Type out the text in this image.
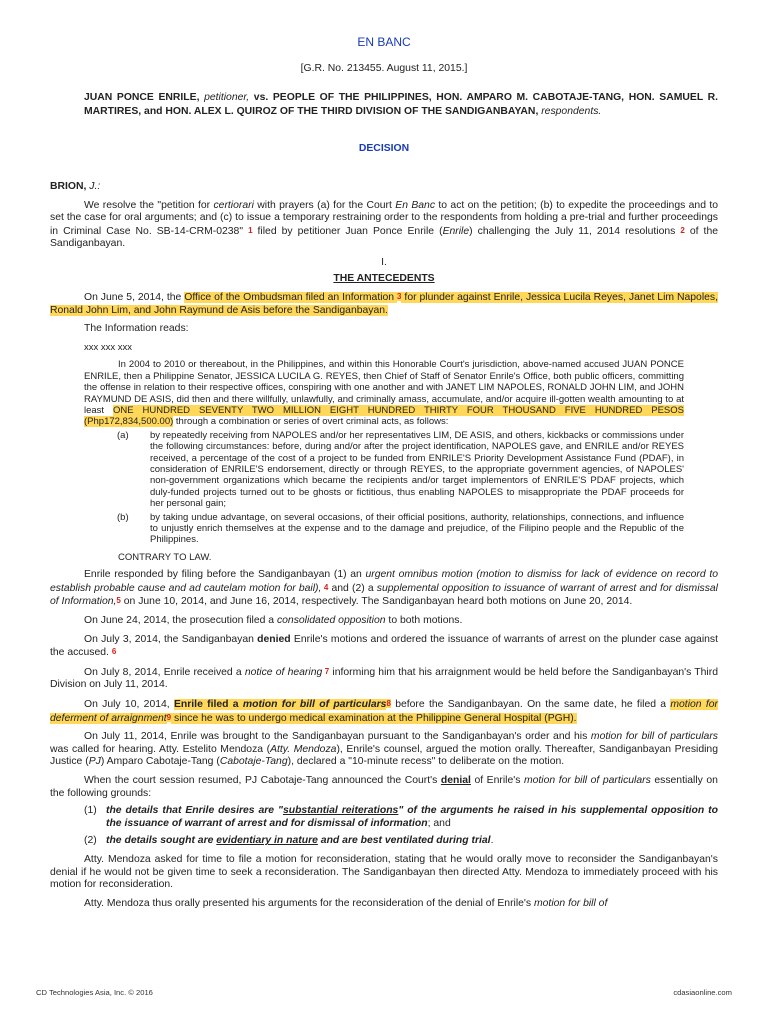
EN BANC
[G.R. No. 213455. August 11, 2015.]
JUAN PONCE ENRILE, petitioner, vs. PEOPLE OF THE PHILIPPINES, HON. AMPARO M. CABOTAJE-TANG, HON. SAMUEL R. MARTIRES, and HON. ALEX L. QUIROZ OF THE THIRD DIVISION OF THE SANDIGANBAYAN, respondents.
DECISION
BRION, J.:

We resolve the "petition for certiorari with prayers (a) for the Court En Banc to act on the petition; (b) to expedite the proceedings and to set the case for oral arguments; and (c) to issue a temporary restraining order to the respondents from holding a pre-trial and further proceedings in Criminal Case No. SB-14-CRM-0238" 1 filed by petitioner Juan Ponce Enrile (Enrile) challenging the July 11, 2014 resolutions 2 of the Sandiganbayan.

I.
THE ANTECEDENTS

On June 5, 2014, the Office of the Ombudsman filed an Information 3 for plunder against Enrile, Jessica Lucila Reyes, Janet Lim Napoles, Ronald John Lim, and John Raymund de Asis before the Sandiganbayan.

The Information reads:

xxx xxx xxx

In 2004 to 2010 or thereabout, in the Philippines, and within this Honorable Court's jurisdiction, above-named accused JUAN PONCE ENRILE, then a Philippine Senator, JESSICA LUCILA G. REYES, then Chief of Staff of Senator Enrile's Office, both public officers, committing the offense in relation to their respective offices, conspiring with one another and with JANET LIM NAPOLES, RONALD JOHN LIM, and JOHN RAYMUND DE ASIS, did then and there willfully, unlawfully, and criminally amass, accumulate, and/or acquire ill-gotten wealth amounting to at least ONE HUNDRED SEVENTY TWO MILLION EIGHT HUNDRED THIRTY FOUR THOUSAND FIVE HUNDRED PESOS (Php172,834,500.00) through a combination or series of overt criminal acts, as follows:

(a)	by repeatedly receiving from NAPOLES and/or her representatives LIM, DE ASIS, and others, kickbacks or commissions under the following circumstances: before, during and/or after the project identification, NAPOLES gave, and ENRILE and/or REYES received, a percentage of the cost of a project to be funded from ENRILE'S Priority Development Assistance Fund (PDAF), in consideration of ENRILE'S endorsement, directly or through REYES, to the appropriate government agencies, of NAPOLES' non-government organizations which became the recipients and/or target implementors of ENRILE'S PDAF projects, which duly-funded projects turned out to be ghosts or fictitious, thus enabling NAPOLES to misappropriate the PDAF proceeds for her personal gain;
(b)	by taking undue advantage, on several occasions, of their official positions, authority, relationships, connections, and influence to unjustly enrich themselves at the expense and to the damage and prejudice, of the Filipino people and the Republic of the Philippines.

CONTRARY TO LAW.

Enrile responded by filing before the Sandiganbayan (1) an urgent omnibus motion (motion to dismiss for lack of evidence on record to establish probable cause and ad cautelam motion for bail), 4 and (2) a supplemental opposition to issuance of warrant of arrest and for dismissal of Information,5 on June 10, 2014, and June 16, 2014, respectively. The Sandiganbayan heard both motions on June 20, 2014.

On June 24, 2014, the prosecution filed a consolidated opposition to both motions.

On July 3, 2014, the Sandiganbayan denied Enrile's motions and ordered the issuance of warrants of arrest on the plunder case against the accused. 6

On July 8, 2014, Enrile received a notice of hearing 7 informing him that his arraignment would be held before the Sandiganbayan's Third Division on July 11, 2014.

On July 10, 2014, Enrile filed a motion for bill of particulars8 before the Sandiganbayan. On the same date, he filed a motion for deferment of arraignment9 since he was to undergo medical examination at the Philippine General Hospital (PGH).

On July 11, 2014, Enrile was brought to the Sandiganbayan pursuant to the Sandiganbayan's order and his motion for bill of particulars was called for hearing. Atty. Estelito Mendoza (Atty. Mendoza), Enrile's counsel, argued the motion orally. Thereafter, Sandiganbayan Presiding Justice (PJ) Amparo Cabotaje-Tang (Cabotaje-Tang), declared a "10-minute recess" to deliberate on the motion.

When the court session resumed, PJ Cabotaje-Tang announced the Court's denial of Enrile's motion for bill of particulars essentially on the following grounds:

(1) the details that Enrile desires are "substantial reiterations" of the arguments he raised in his supplemental opposition to the issuance of warrant of arrest and for dismissal of information; and
(2) the details sought are evidentiary in nature and are best ventilated during trial.

Atty. Mendoza asked for time to file a motion for reconsideration, stating that he would orally move to reconsider the Sandiganbayan's denial if he would not be given time to seek a reconsideration. The Sandiganbayan then directed Atty. Mendoza to immediately proceed with his motion for reconsideration.

Atty. Mendoza thus orally presented his arguments for the reconsideration of the denial of Enrile's motion for bill of

CD Technologies Asia, Inc. © 2016	cdasiaonline.com
